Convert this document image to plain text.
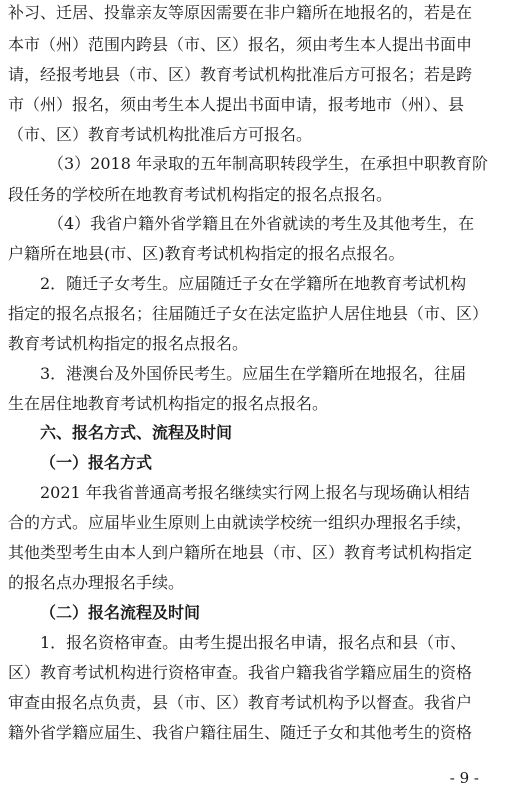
补习、迁居、投靠亲友等原因需要在非户籍所在地报名的，若是在
本市（州）范围内跨县（市、区）报名，须由考生本人提出书面申
请，经报考地县（市、区）教育考试机构批准后方可报名；若是跨
市（州）报名，须由考生本人提出书面申请，报考地市（州）、县
（市、区）教育考试机构批准后方可报名。
（3）2018 年录取的五年制高职转段学生，在承担中职教育阶
段任务的学校所在地教育考试机构指定的报名点报名。
（4）我省户籍外省学籍且在外省就读的考生及其他考生，在
户籍所在地县(市、区)教育考试机构指定的报名点报名。
2．随迁子女考生。应届随迁子女在学籍所在地教育考试机构
指定的报名点报名；往届随迁子女在法定监护人居住地县（市、区）
教育考试机构指定的报名点报名。
3．港澳台及外国侨民考生。应届生在学籍所在地报名，往届
生在居住地教育考试机构指定的报名点报名。
六、报名方式、流程及时间
（一）报名方式
2021 年我省普通高考报名继续实行网上报名与现场确认相结
合的方式。应届毕业生原则上由就读学校统一组织办理报名手续，
其他类型考生由本人到户籍所在地县（市、区）教育考试机构指定
的报名点办理报名手续。
（二）报名流程及时间
1．报名资格审查。由考生提出报名申请，报名点和县（市、
区）教育考试机构进行资格审查。我省户籍我省学籍应届生的资格
审查由报名点负责，县（市、区）教育考试机构予以督查。我省户
籍外省学籍应届生、我省户籍往届生、随迁子女和其他考生的资格
- 9 -
